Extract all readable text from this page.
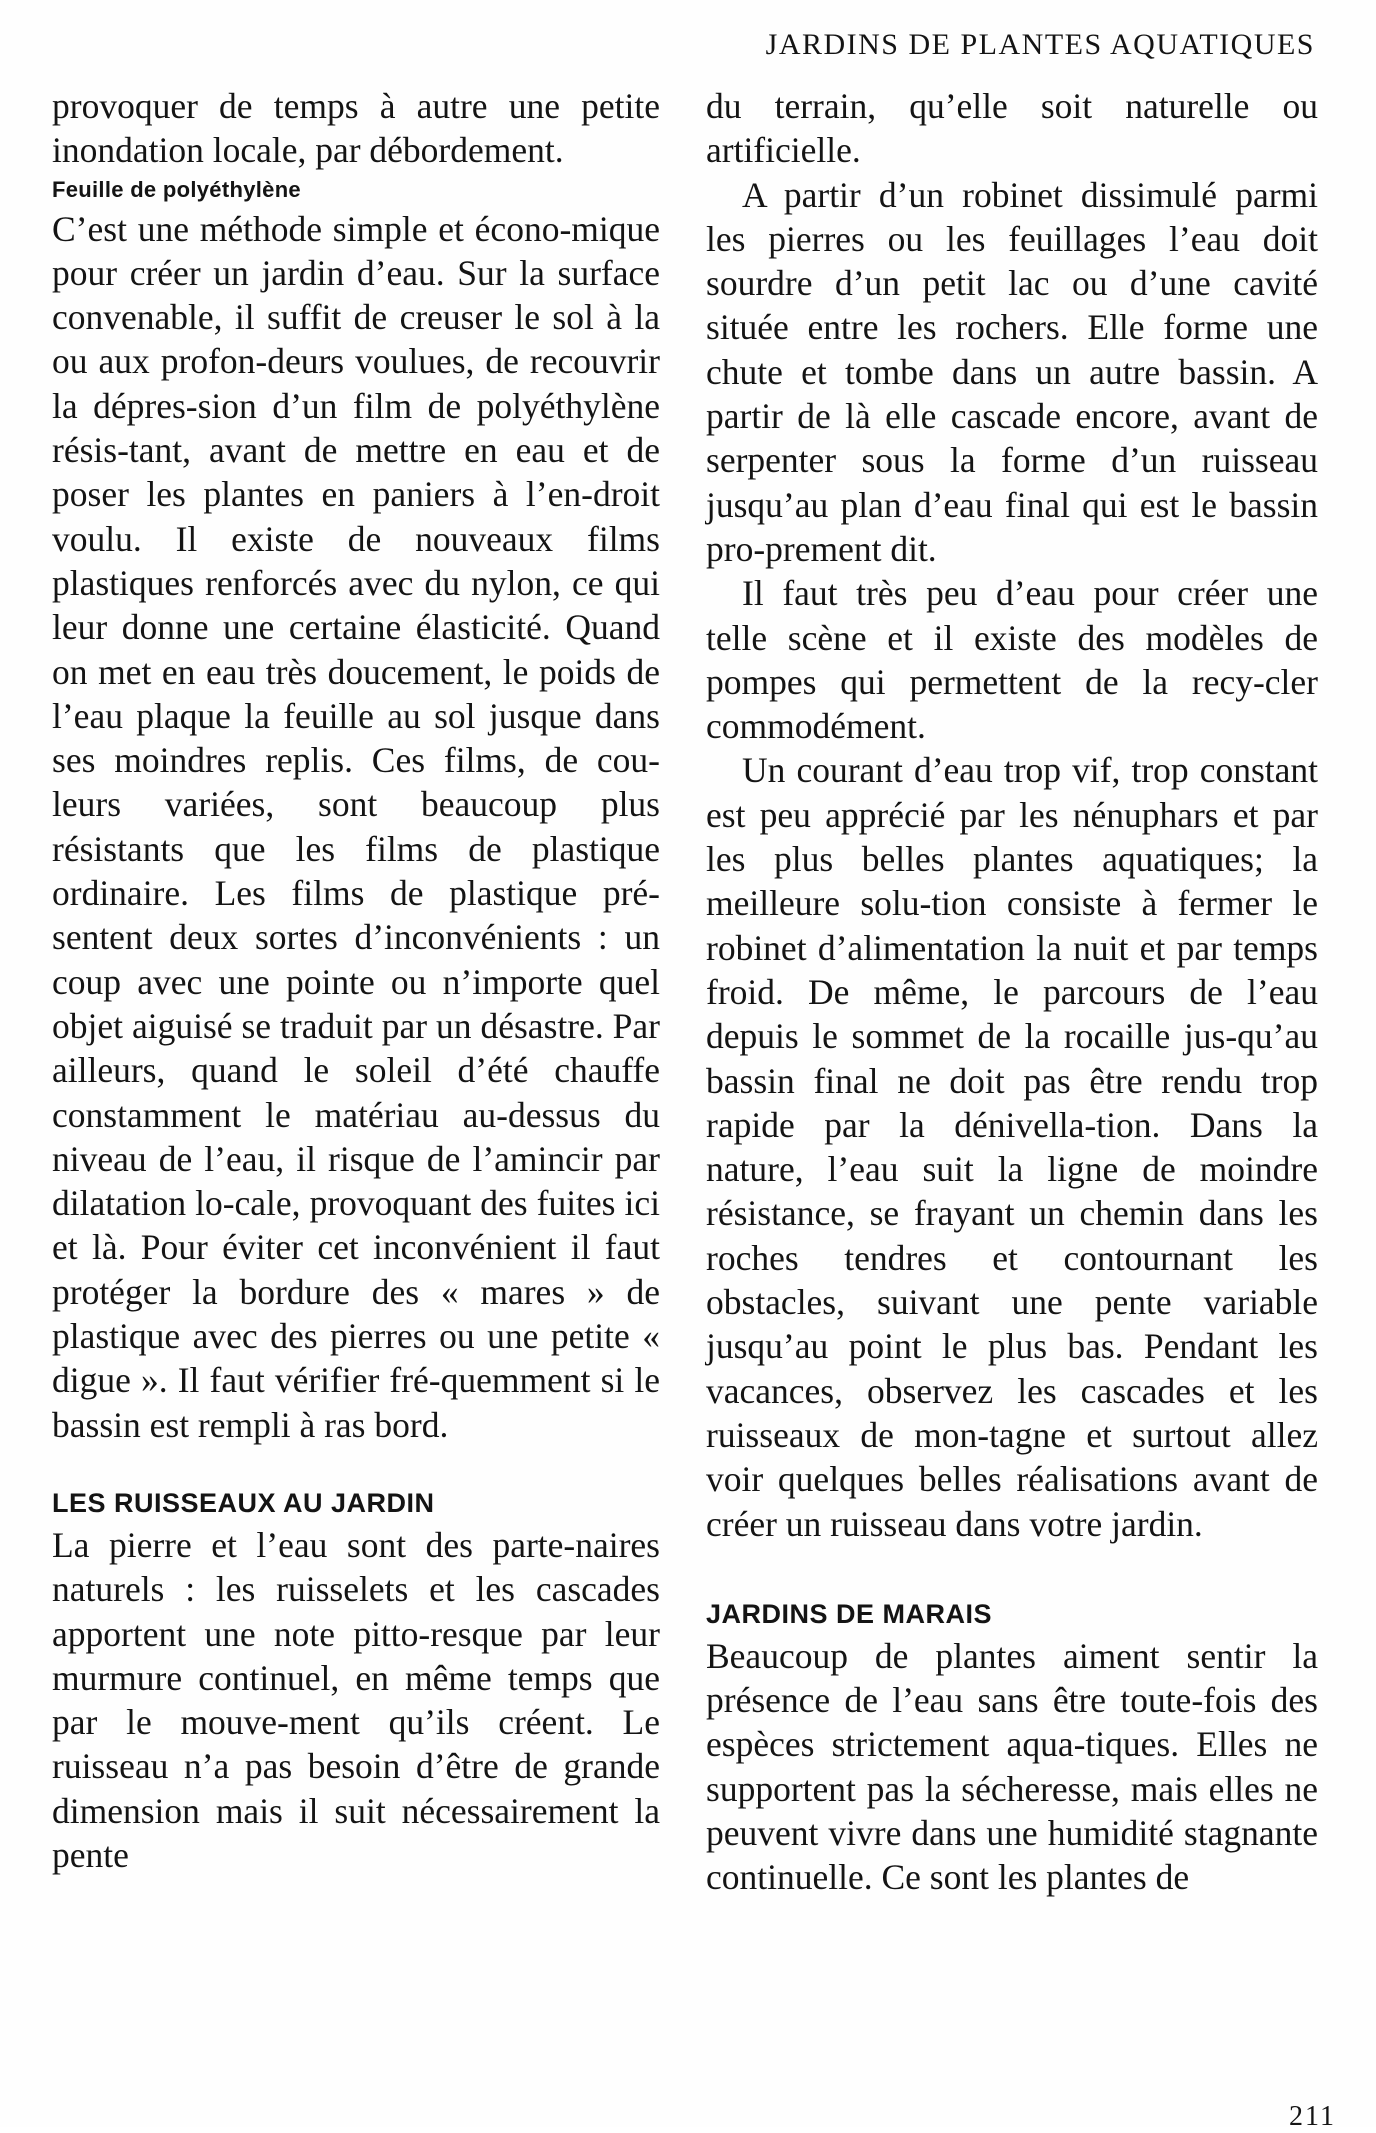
JARDINS DE PLANTES AQUATIQUES

provoquer de temps à autre une petite inondation locale, par débordement.

Feuille de polyéthylène

C’est une méthode simple et écono-mique pour créer un jardin d’eau. Sur la surface convenable, il suffit de creuser le sol à la ou aux profon-deurs voulues, de recouvrir la dépres-sion d’un film de polyéthylène résis-tant, avant de mettre en eau et de poser les plantes en paniers à l’en-droit voulu. Il existe de nouveaux films plastiques renforcés avec du nylon, ce qui leur donne une certaine élasticité. Quand on met en eau très doucement, le poids de l’eau plaque la feuille au sol jusque dans ses moindres replis. Ces films, de cou-leurs variées, sont beaucoup plus résistants que les films de plastique ordinaire. Les films de plastique pré-sentent deux sortes d’inconvénients : un coup avec une pointe ou n’importe quel objet aiguisé se traduit par un désastre. Par ailleurs, quand le soleil d’été chauffe constamment le matériau au-dessus du niveau de l’eau, il risque de l’amincir par dilatation lo-cale, provoquant des fuites ici et là. Pour éviter cet inconvénient il faut protéger la bordure des « mares » de plastique avec des pierres ou une petite « digue ». Il faut vérifier fré-quemment si le bassin est rempli à ras bord.

LES RUISSEAUX AU JARDIN

La pierre et l’eau sont des parte-naires naturels : les ruisselets et les cascades apportent une note pitto-resque par leur murmure continuel, en même temps que par le mouve-ment qu’ils créent. Le ruisseau n’a pas besoin d’être de grande dimension mais il suit nécessairement la pente

du terrain, qu’elle soit naturelle ou artificielle.

A partir d’un robinet dissimulé parmi les pierres ou les feuillages l’eau doit sourdre d’un petit lac ou d’une cavité située entre les rochers. Elle forme une chute et tombe dans un autre bassin. A partir de là elle cascade encore, avant de serpenter sous la forme d’un ruisseau jusqu’au plan d’eau final qui est le bassin pro-prement dit.

Il faut très peu d’eau pour créer une telle scène et il existe des modèles de pompes qui permettent de la recy-cler commodément.

Un courant d’eau trop vif, trop constant est peu apprécié par les nénuphars et par les plus belles plantes aquatiques; la meilleure solu-tion consiste à fermer le robinet d’alimentation la nuit et par temps froid. De même, le parcours de l’eau depuis le sommet de la rocaille jus-qu’au bassin final ne doit pas être rendu trop rapide par la dénivella-tion. Dans la nature, l’eau suit la ligne de moindre résistance, se frayant un chemin dans les roches tendres et contournant les obstacles, suivant une pente variable jusqu’au point le plus bas. Pendant les vacances, observez les cascades et les ruisseaux de mon-tagne et surtout allez voir quelques belles réalisations avant de créer un ruisseau dans votre jardin.

JARDINS DE MARAIS

Beaucoup de plantes aiment sentir la présence de l’eau sans être toute-fois des espèces strictement aqua-tiques. Elles ne supportent pas la sécheresse, mais elles ne peuvent vivre dans une humidité stagnante continuelle. Ce sont les plantes de

211
